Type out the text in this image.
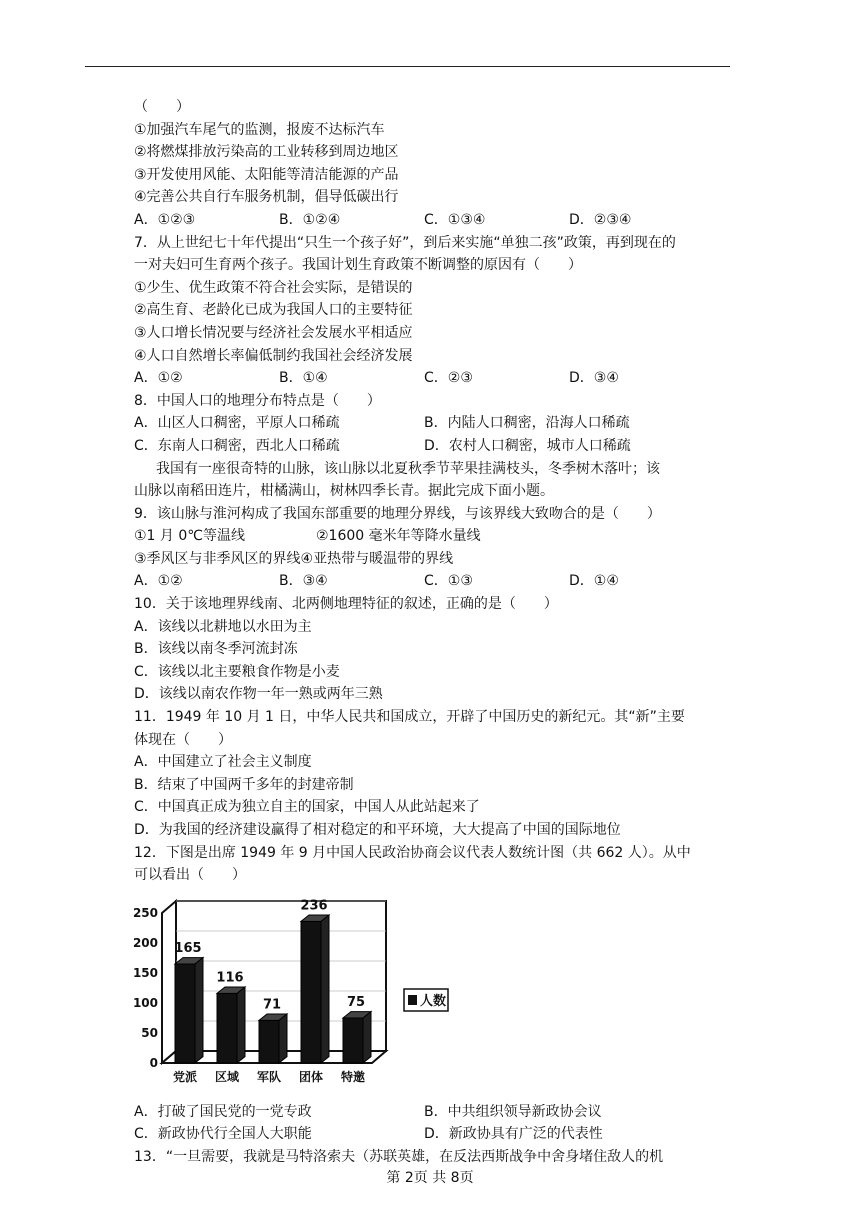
（　　）
①加强汽车尾气的监测，报废不达标汽车
②将燃煤排放污染高的工业转移到周边地区
③开发使用风能、太阳能等清洁能源的产品
④完善公共自行车服务机制，倡导低碳出行
A．①②③	B．①②④	C．①③④	D．②③④
7．从上世纪七十年代提出“只生一个孩子好”，到后来实施“单独二孩”政策，再到现在的
一对夫妇可生育两个孩子。我国计划生育政策不断调整的原因有（　　）
①少生、优生政策不符合社会实际，是错误的
②高生育、老龄化已成为我国人口的主要特征
③人口增长情况要与经济社会发展水平相适应
④人口自然增长率偏低制约我国社会经济发展
A．①②	B．①④	C．②③	D．③④
8．中国人口的地理分布特点是（　　）
A．山区人口稠密，平原人口稀疏	B．内陆人口稠密，沿海人口稀疏
C．东南人口稠密，西北人口稀疏	D．农村人口稠密，城市人口稀疏
我国有一座很奇特的山脉，该山脉以北夏秋季节苹果挂满枝头，冬季树木落叶；该
山脉以南稻田连片，柑橘满山，树林四季长青。据此完成下面小题。
9．该山脉与淮河构成了我国东部重要的地理分界线，与该界线大致吻合的是（　　）
①1 月 0℃等温线	②1600 毫米年等降水量线
③季风区与非季风区的界线④亚热带与暖温带的界线
A．①②	B．③④	C．①③	D．①④
10．关于该地理界线南、北两侧地理特征的叙述，正确的是（　　）
A．该线以北耕地以水田为主
B．该线以南冬季河流封冻
C．该线以北主要粮食作物是小麦
D．该线以南农作物一年一熟或两年三熟
11．1949 年 10 月 1 日，中华人民共和国成立，开辟了中国历史的新纪元。其“新”主要
体现在（　　）
A．中国建立了社会主义制度
B．结束了中国两千多年的封建帝制
C．中国真正成为独立自主的国家，中国人从此站起来了
D．为我国的经济建设赢得了相对稳定的和平环境，大大提高了中国的国际地位
12．下图是出席 1949 年 9 月中国人民政治协商会议代表人数统计图（共 662 人）。从中
可以看出（　　）
0
50
100
150
200
250
165
党派
116
区域
71
军队
236
团体
75
特邀
人数
A．打破了国民党的一党专政	B．中共组织领导新政协会议
C．新政协代行全国人大职能	D．新政协具有广泛的代表性
13．“一旦需要，我就是马特洛索夫（苏联英雄，在反法西斯战争中舍身堵住敌人的机
第 2页 共 8页
